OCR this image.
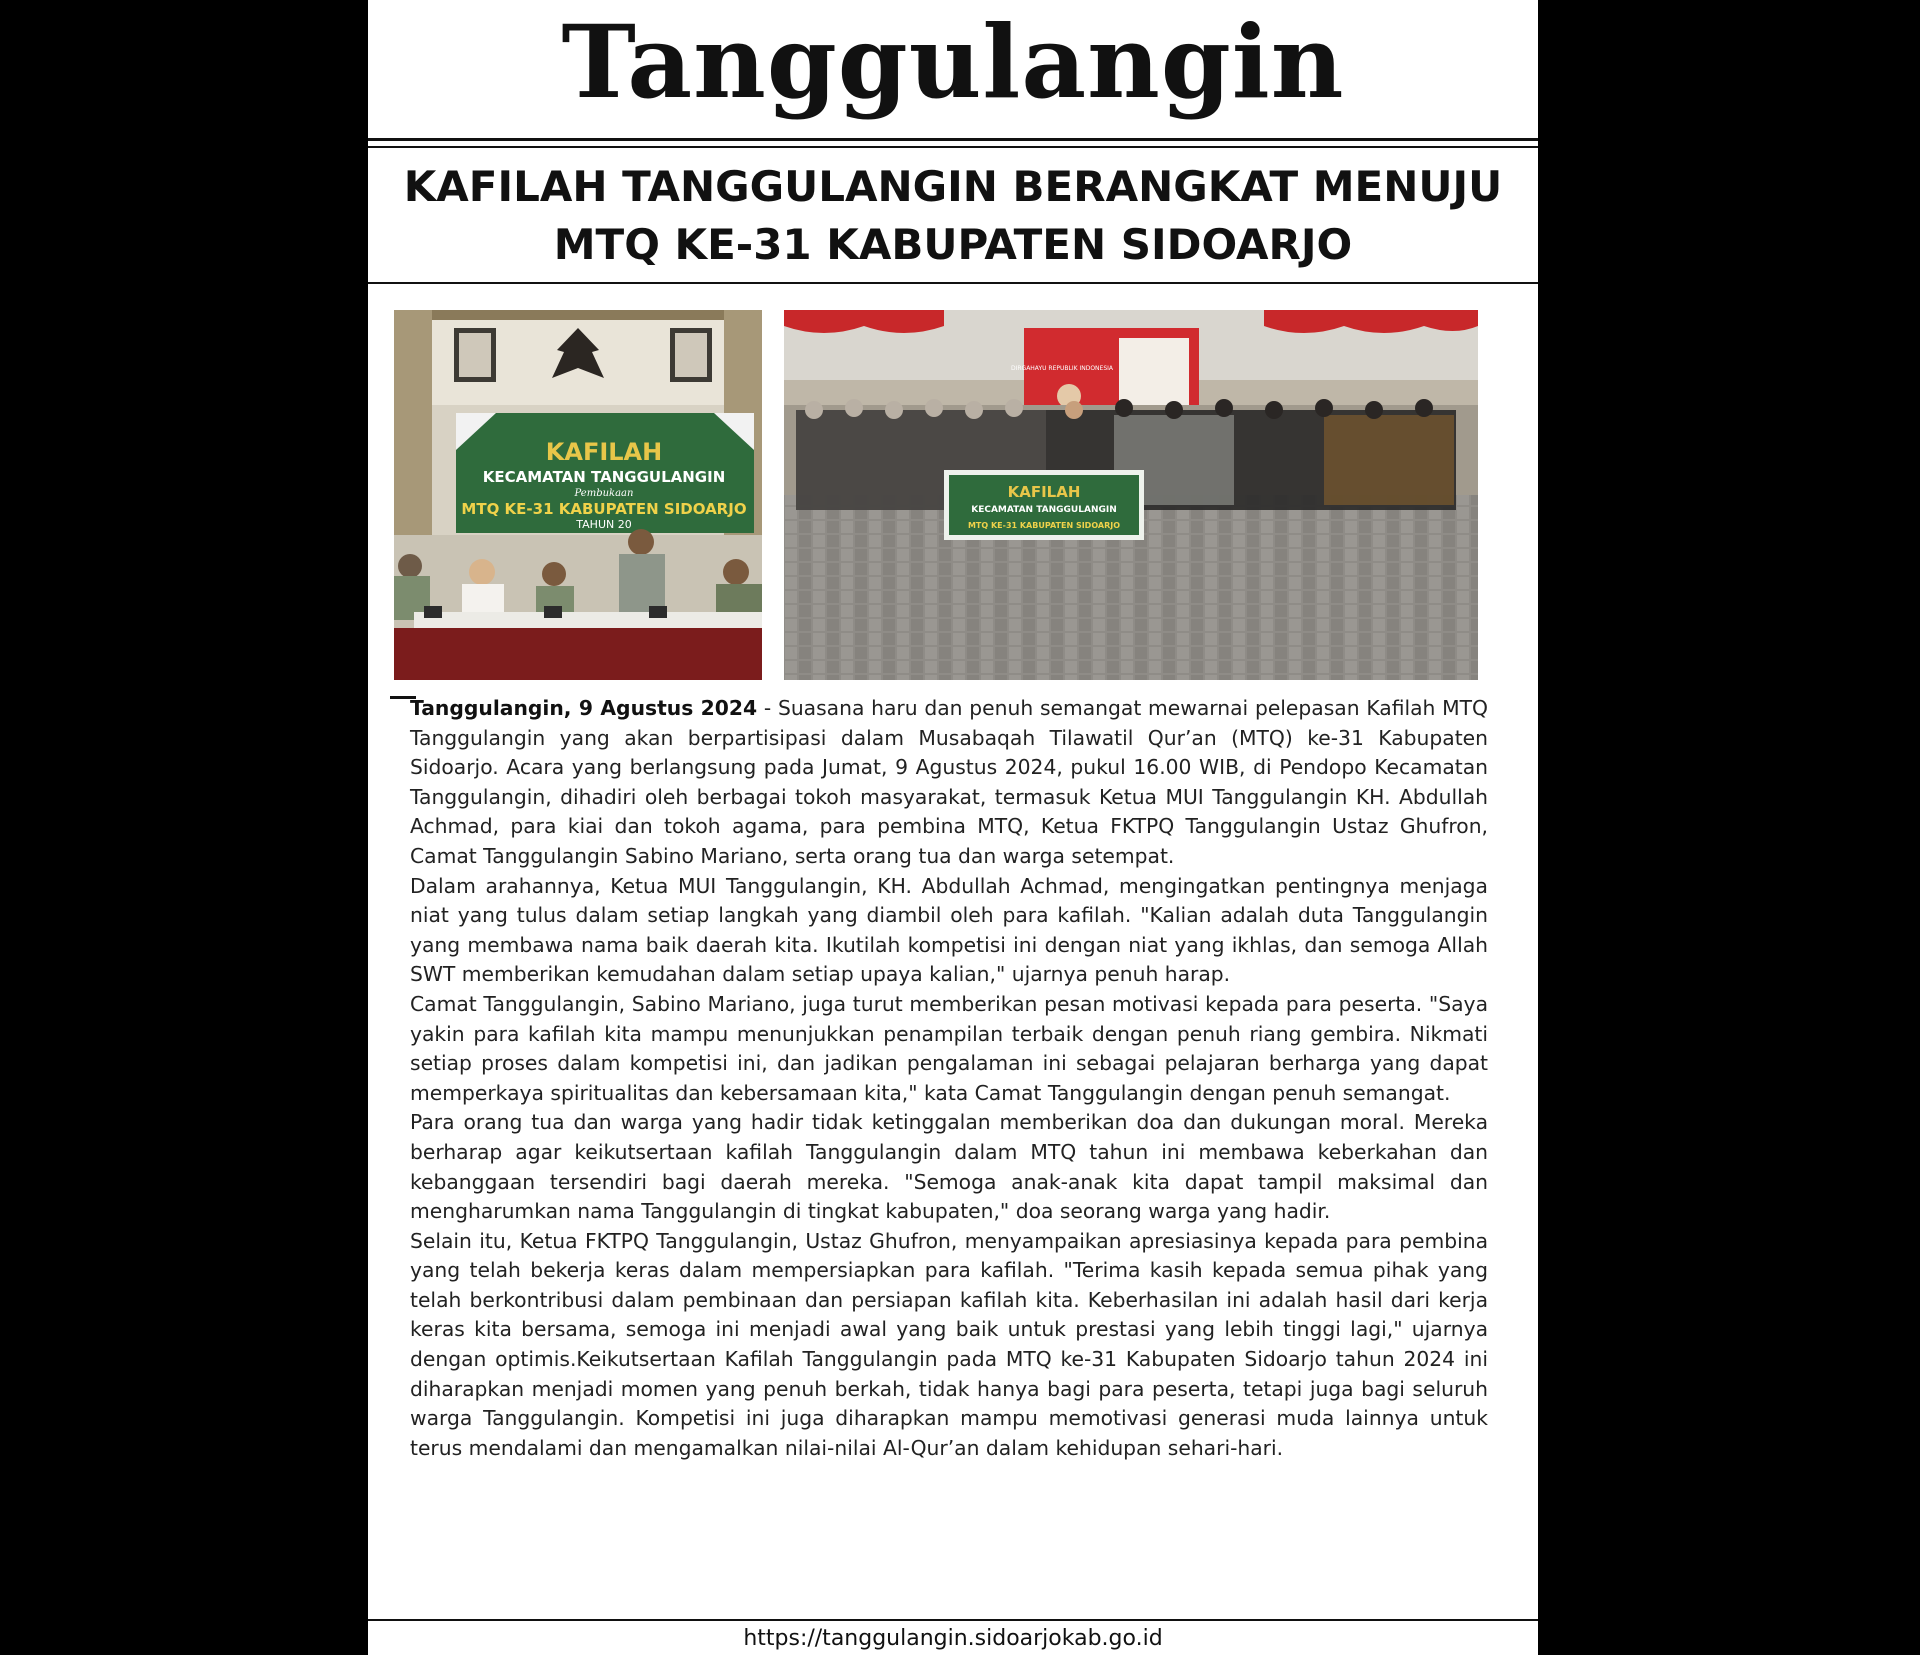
Tanggulangin
KAFILAH TANGGULANGIN BERANGKAT MENUJU
MTQ KE-31 KABUPATEN SIDOARJO
KAFILAH
KECAMATAN TANGGULANGIN
Pembukaan
MTQ KE-31 KABUPATEN SIDOARJO
TAHUN 20
DIRGAHAYU REPUBLIK INDONESIA
KAFILAH
KECAMATAN TANGGULANGIN
MTQ KE-31 KABUPATEN SIDOARJO

Tanggulangin, 9 Agustus 2024 - Suasana haru dan penuh semangat mewarnai pelepasan Kafilah MTQ Tanggulangin yang akan berpartisipasi dalam Musabaqah Tilawatil Qur’an (MTQ) ke-31 Kabupaten Sidoarjo. Acara yang berlangsung pada Jumat, 9 Agustus 2024, pukul 16.00 WIB, di Pendopo Kecamatan Tanggulangin, dihadiri oleh berbagai tokoh masyarakat, termasuk Ketua MUI Tanggulangin KH. Abdullah Achmad, para kiai dan tokoh agama, para pembina MTQ, Ketua FKTPQ Tanggulangin Ustaz Ghufron, Camat Tanggulangin Sabino Mariano, serta orang tua dan warga setempat.

Dalam arahannya, Ketua MUI Tanggulangin, KH. Abdullah Achmad, mengingatkan pentingnya menjaga niat yang tulus dalam setiap langkah yang diambil oleh para kafilah. "Kalian adalah duta Tanggulangin yang membawa nama baik daerah kita. Ikutilah kompetisi ini dengan niat yang ikhlas, dan semoga Allah SWT memberikan kemudahan dalam setiap upaya kalian," ujarnya penuh harap.

Camat Tanggulangin, Sabino Mariano, juga turut memberikan pesan motivasi kepada para peserta. "Saya yakin para kafilah kita mampu menunjukkan penampilan terbaik dengan penuh riang gembira. Nikmati setiap proses dalam kompetisi ini, dan jadikan pengalaman ini sebagai pelajaran berharga yang dapat memperkaya spiritualitas dan kebersamaan kita," kata Camat Tanggulangin dengan penuh semangat.

Para orang tua dan warga yang hadir tidak ketinggalan memberikan doa dan dukungan moral. Mereka berharap agar keikutsertaan kafilah Tanggulangin dalam MTQ tahun ini membawa keberkahan dan kebanggaan tersendiri bagi daerah mereka. "Semoga anak-anak kita dapat tampil maksimal dan mengharumkan nama Tanggulangin di tingkat kabupaten," doa seorang warga yang hadir.

Selain itu, Ketua FKTPQ Tanggulangin, Ustaz Ghufron, menyampaikan apresiasinya kepada para pembina yang telah bekerja keras dalam mempersiapkan para kafilah. "Terima kasih kepada semua pihak yang telah berkontribusi dalam pembinaan dan persiapan kafilah kita. Keberhasilan ini adalah hasil dari kerja keras kita bersama, semoga ini menjadi awal yang baik untuk prestasi yang lebih tinggi lagi," ujarnya dengan optimis.Keikutsertaan Kafilah Tanggulangin pada MTQ ke-31 Kabupaten Sidoarjo tahun 2024 ini diharapkan menjadi momen yang penuh berkah, tidak hanya bagi para peserta, tetapi juga bagi seluruh warga Tanggulangin. Kompetisi ini juga diharapkan mampu memotivasi generasi muda lainnya untuk terus mendalami dan mengamalkan nilai-nilai Al-Qur’an dalam kehidupan sehari-hari.

https://tanggulangin.sidoarjokab.go.id
